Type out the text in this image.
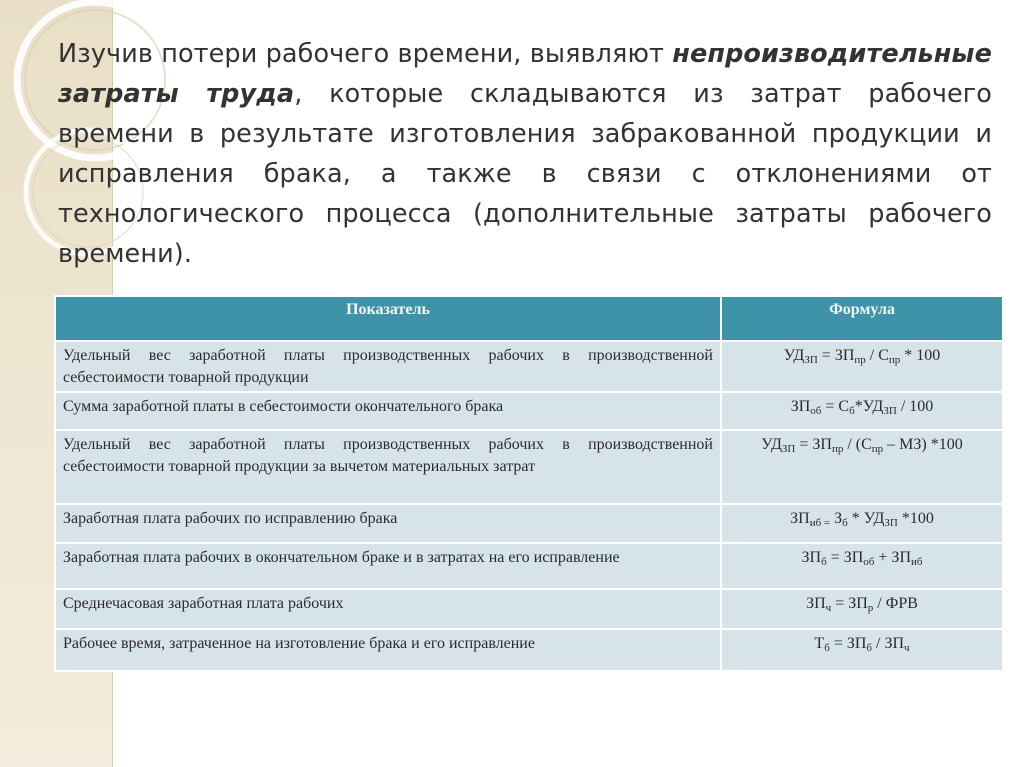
Изучив потери рабочего времени, выявляют непроизводительные затраты труда, которые складываются из затрат рабочего времени в результате изготовления забракованной продукции и исправления брака, а также в связи с отклонениями от технологического процесса (дополнительные затраты рабочего времени).

Показатель	Формула
Удельный вес заработной платы производственных рабочих в производственной себестоимости товарной продукции	$УД_{ЗП} = ЗП_{пр} / С_{пр} * 100$
Сумма заработной платы в себестоимости окончательного брака	$ЗП_{об} = С_б*УД_{ЗП} / 100$
Удельный вес заработной платы производственных рабочих в производственной себестоимости товарной продукции за вычетом материальных затрат	$УД_{ЗП} = ЗП_{пр} / (С_{пр} - МЗ)$ *100
Заработная плата рабочих по исправлению брака	$ЗП_{иб =}$ $З_б * УД_{ЗП}$ *100
Заработная плата рабочих в окончательном браке и в затратах на его исправление	$ЗП_б = ЗП_{об} + ЗП_{иб}$
Среднечасовая заработная плата рабочих	$ЗП_ч = ЗП_р$ / ФРВ
Рабочее время, затраченное на изготовление брака и его исправление	$Т_б = ЗП_б / ЗП_ч$
